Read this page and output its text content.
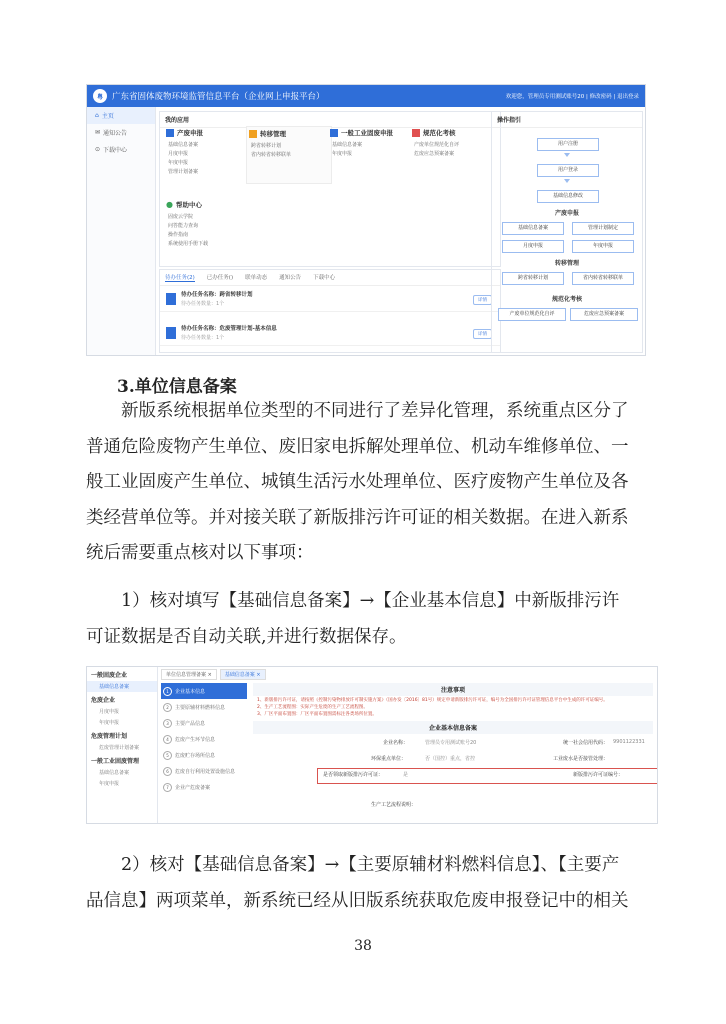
粤	广东省固体废物环境监管信息平台（企业网上申报平台）	欢迎您，管理员专用测试账号20 | 修改密码 | 退出登录
⌂ 主页
✉ 通知公告
⊙ 下载中心
我的应用
产废申报
基础信息备案
月度申报
年度申报
管理计划备案
转移管理
跨省转移计划
省内转省转移联单
一般工业固废申报
基础信息备案
年度申报
规范化考核
产废单位规范化自评
危废应急预案备案
● 帮助中心
固废云学院
问答能力查询
操作指南
系统使用手册下载
待办任务(2) 已办任务() 联单动态 通知公告 下载中心
待办任务名称：跨省转移计划
待办任务数量：1个
详情
待办任务名称：危废管理计划-基本信息
待办任务数量：1个
详情
操作指引
用户注册
用户登录
基础信息修改
产废申报
基础信息备案	管理计划制定
月度申报	年度申报
转移管理
跨省转移计划	省内转省转移联单
规范化考核
产废单位规范化自评	危废应急预案备案
3.单位信息备案
　　新版系统根据单位类型的不同进行了差异化管理，系统重点区分了
普通危险废物产生单位、废旧家电拆解处理单位、机动车维修单位、一
般工业固废产生单位、城镇生活污水处理单位、医疗废物产生单位及各
类经营单位等。并对接关联了新版排污许可证的相关数据。在进入新系
统后需要重点核对以下事项：
　　1）核对填写【基础信息备案】→【企业基本信息】中新版排污许
可证数据是否自动关联,并进行数据保存。
一般固废企业
基础信息备案
危废企业
月度申报
年度申报
危废管理计划
危废管理计划备案
一般工业固废管理
基础信息备案
年度申报
单位信息管理备案 ×	基础信息备案 ×
1	企业基本信息
2	主要原辅材料燃料信息
3	主要产品信息
4	危废产生环节信息
5	危废贮存场所信息
6	危废自行利用处置设施信息
7	企业产危废备案
注意事项
1、新版排污许可证，请按照《控制污染物排放许可制实施方案》（国办发〔2016〕81号）规定申请新版排污许可证，编号为全国排污许可证管理信息平台中生成的许可证编号。
2、生产工艺流程图：实际产生危废的生产工艺流程图。
3、厂区平面布置图：厂区平面布置图需标注各类场所位置。
企业基本信息备案
企业名称：	管理员专用测试账号20	统一社会信用代码： 9901122331
环保重点单位：	否（国控）重点，省控	工业废水是否接管处理：
是否领取新版排污许可证：	是	新版排污许可证编号：
生产工艺流程说明：
　　2）核对【基础信息备案】→【主要原辅材料燃料信息】、【主要产
品信息】两项菜单，新系统已经从旧版系统获取危废申报登记中的相关
38
